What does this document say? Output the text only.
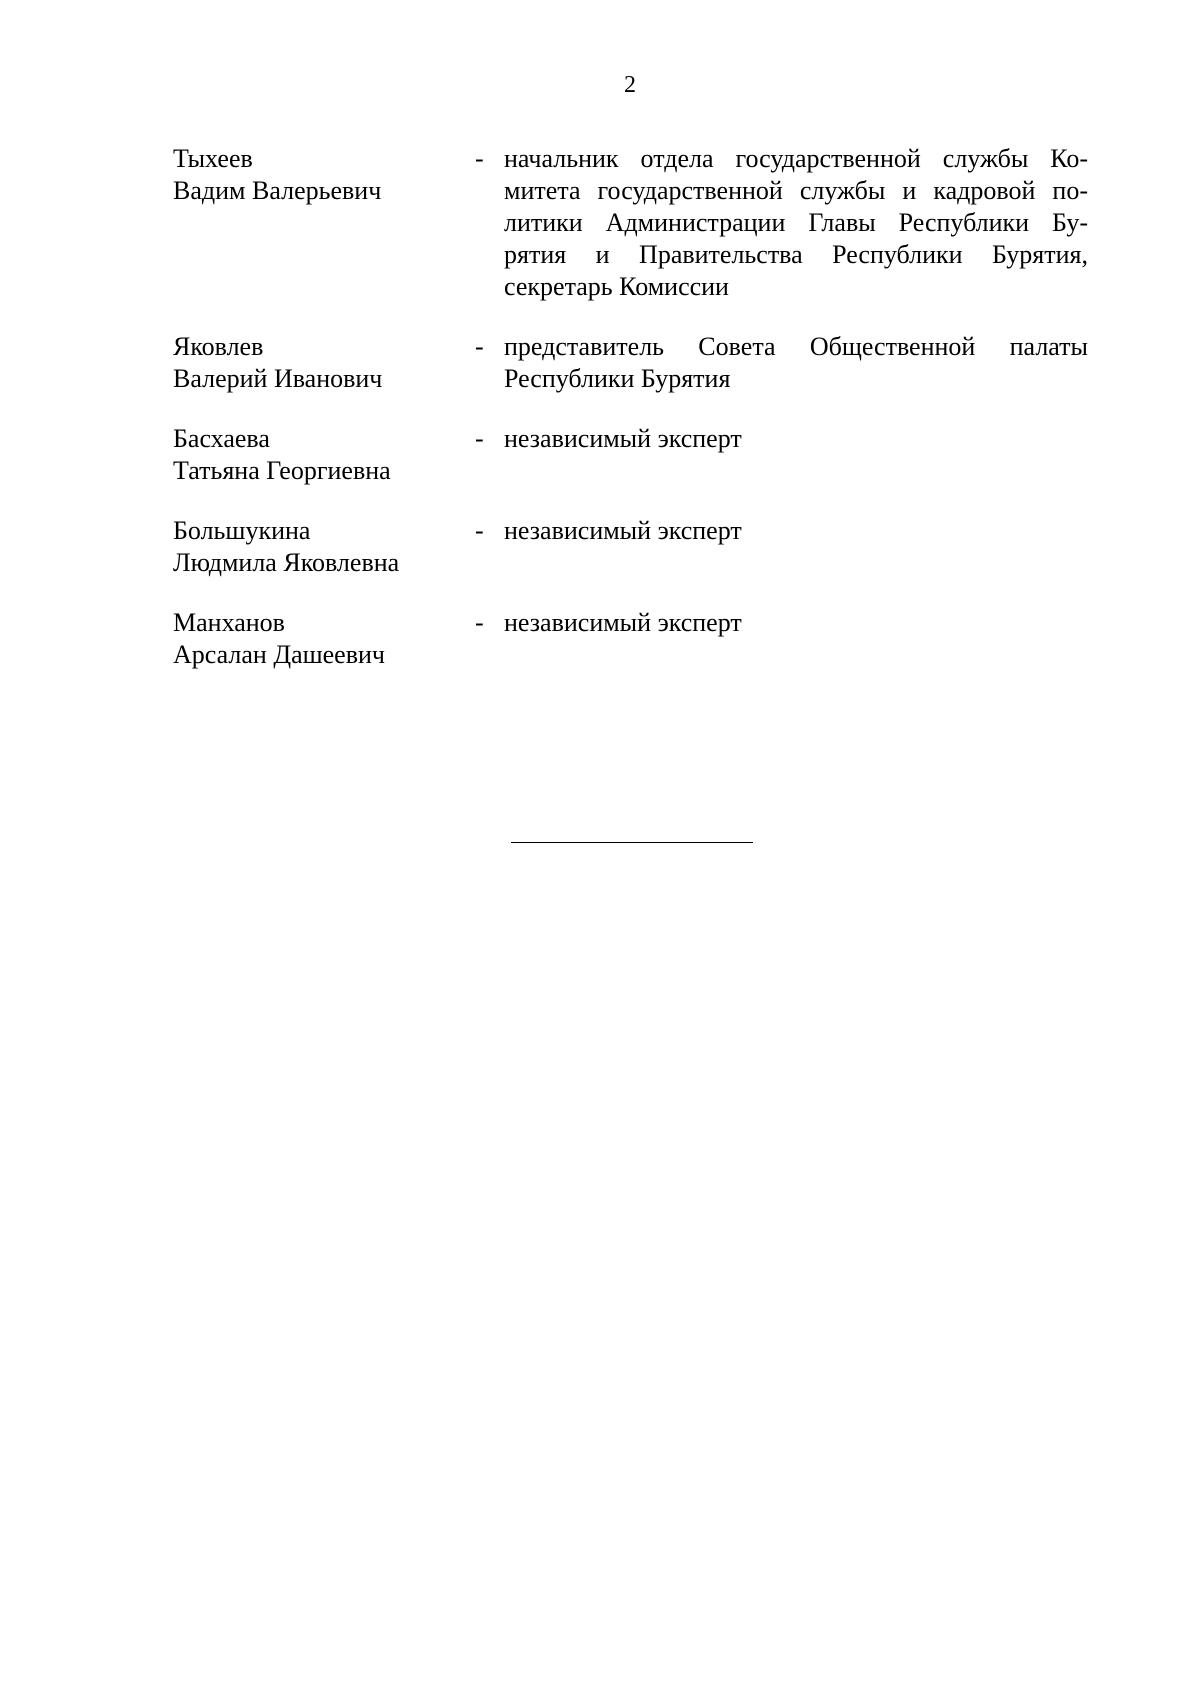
2
Тыхеев
Вадим Валерьевич
- начальник отдела государственной службы Ко-
митета государственной службы и кадровой по-
литики Администрации Главы Республики Бу-
рятия и Правительства Республики Бурятия,
секретарь Комиссии
Яковлев
Валерий Иванович
- представитель Совета Общественной палаты
Республики Бурятия
Басхаева
Татьяна Георгиевна
- независимый эксперт
Большукина
Людмила Яковлевна
- независимый эксперт
Манханов
Арсалан Дашеевич
- независимый эксперт
